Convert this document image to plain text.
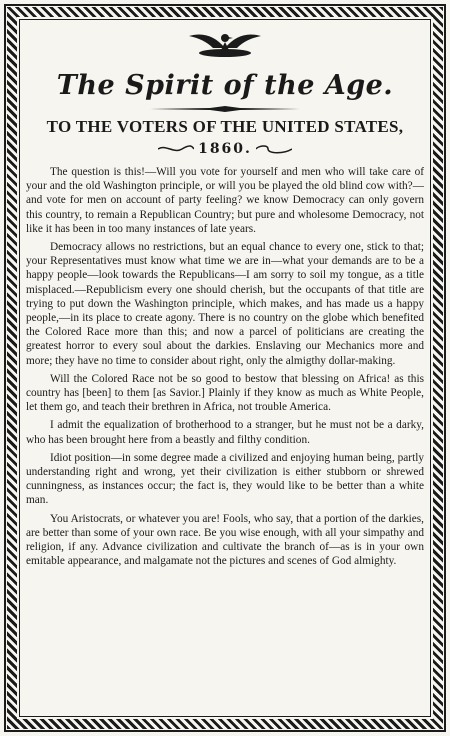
The Spirit of the Age.
TO THE VOTERS OF THE UNITED STATES,
1860.

The question is this!—Will you vote for yourself and men who will take care of your and the old Washington principle, or will you be played the old blind cow with?—and vote for men on account of party feeling? we know Democracy can only govern this country, to remain a Republican Country; but pure and wholesome Democracy, not like it has been in too many instances of late years.

Democracy allows no restrictions, but an equal chance to every one, stick to that; your Representatives must know what time we are in—what your demands are to be a happy people—look towards the Republicans—I am sorry to soil my tongue, as a title misplaced.—Republicism every one should cherish, but the occupants of that title are trying to put down the Washington principle, which makes, and has made us a happy people,—in its place to create agony. There is no country on the globe which benefited the Colored Race more than this; and now a parcel of politicians are creating the greatest horror to every soul about the darkies. Enslaving our Mechanics more and more; they have no time to consider about right, only the almigthy dollar-making.

Will the Colored Race not be so good to bestow that blessing on Africa! as this country has [been] to them [as Savior.] Plainly if they know as much as White People, let them go, and teach their brethren in Africa, not trouble America.

I admit the equalization of brotherhood to a stranger, but he must not be a darky, who has been brought here from a beastly and filthy condition.

Idiot position—in some degree made a civilized and enjoying human being, partly understanding right and wrong, yet their civilization is either stubborn or shrewed cunningness, as instances occur; the fact is, they would like to be better than a white man.

You Aristocrats, or whatever you are! Fools, who say, that a portion of the darkies, are better than some of your own race. Be you wise enough, with all your simpathy and religion, if any. Advance civilization and cultivate the branch of—as is in your own emitable appearance, and malgamate not the pictures and scenes of God almighty.
